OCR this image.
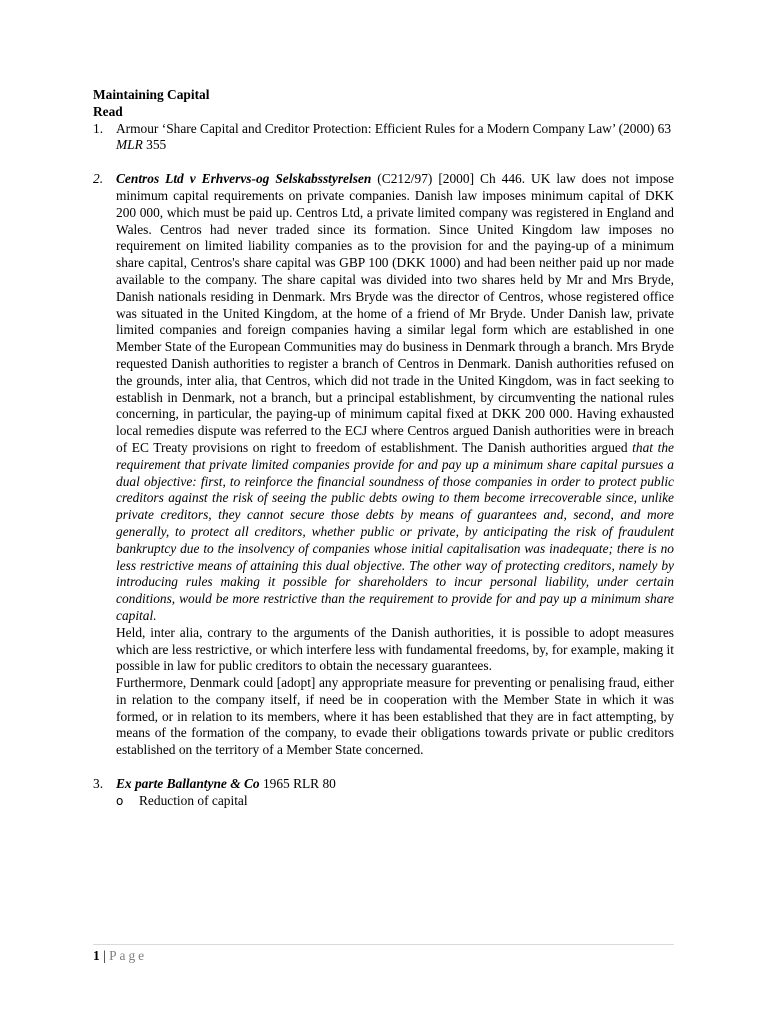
Maintaining Capital

Read

1. Armour ‘Share Capital and Creditor Protection: Efficient Rules for a Modern Company Law’ (2000) 63 MLR 355
2. Centros Ltd v Erhvervs-og Selskabsstyrelsen (C212/97) [2000] Ch 446. UK law does not impose minimum capital requirements on private companies. Danish law imposes minimum capital of DKK 200 000, which must be paid up. Centros Ltd, a private limited company was registered in England and Wales. Centros had never traded since its formation. Since United Kingdom law imposes no requirement on limited liability companies as to the provision for and the paying-up of a minimum share capital, Centros's share capital was GBP 100 (DKK 1000) and had been neither paid up nor made available to the company. The share capital was divided into two shares held by Mr and Mrs Bryde, Danish nationals residing in Denmark. Mrs Bryde was the director of Centros, whose registered office was situated in the United Kingdom, at the home of a friend of Mr Bryde. Under Danish law, private limited companies and foreign companies having a similar legal form which are established in one Member State of the European Communities may do business in Denmark through a branch. Mrs Bryde requested Danish authorities to register a branch of Centros in Denmark. Danish authorities refused on the grounds, inter alia, that Centros, which did not trade in the United Kingdom, was in fact seeking to establish in Denmark, not a branch, but a principal establishment, by circumventing the national rules concerning, in particular, the paying-up of minimum capital fixed at DKK 200 000. Having exhausted local remedies dispute was referred to the ECJ where Centros argued Danish authorities were in breach of EC Treaty provisions on right to freedom of establishment. The Danish authorities argued that the requirement that private limited companies provide for and pay up a minimum share capital pursues a dual objective: first, to reinforce the financial soundness of those companies in order to protect public creditors against the risk of seeing the public debts owing to them become irrecoverable since, unlike private creditors, they cannot secure those debts by means of guarantees and, second, and more generally, to protect all creditors, whether public or private, by anticipating the risk of fraudulent bankruptcy due to the insolvency of companies whose initial capitalisation was inadequate; there is no less restrictive means of attaining this dual objective. The other way of protecting creditors, namely by introducing rules making it possible for shareholders to incur personal liability, under certain conditions, would be more restrictive than the requirement to provide for and pay up a minimum share capital.

Held, inter alia, contrary to the arguments of the Danish authorities, it is possible to adopt measures which are less restrictive, or which interfere less with fundamental freedoms, by, for example, making it possible in law for public creditors to obtain the necessary guarantees.

Furthermore, Denmark could [adopt] any appropriate measure for preventing or penalising fraud, either in relation to the company itself, if need be in cooperation with the Member State in which it was formed, or in relation to its members, where it has been established that they are in fact attempting, by means of the formation of the company, to evade their obligations towards private or public creditors established on the territory of a Member State concerned.

3. Ex parte Ballantyne & Co 1965 RLR 80
o Reduction of capital
1 | Page
